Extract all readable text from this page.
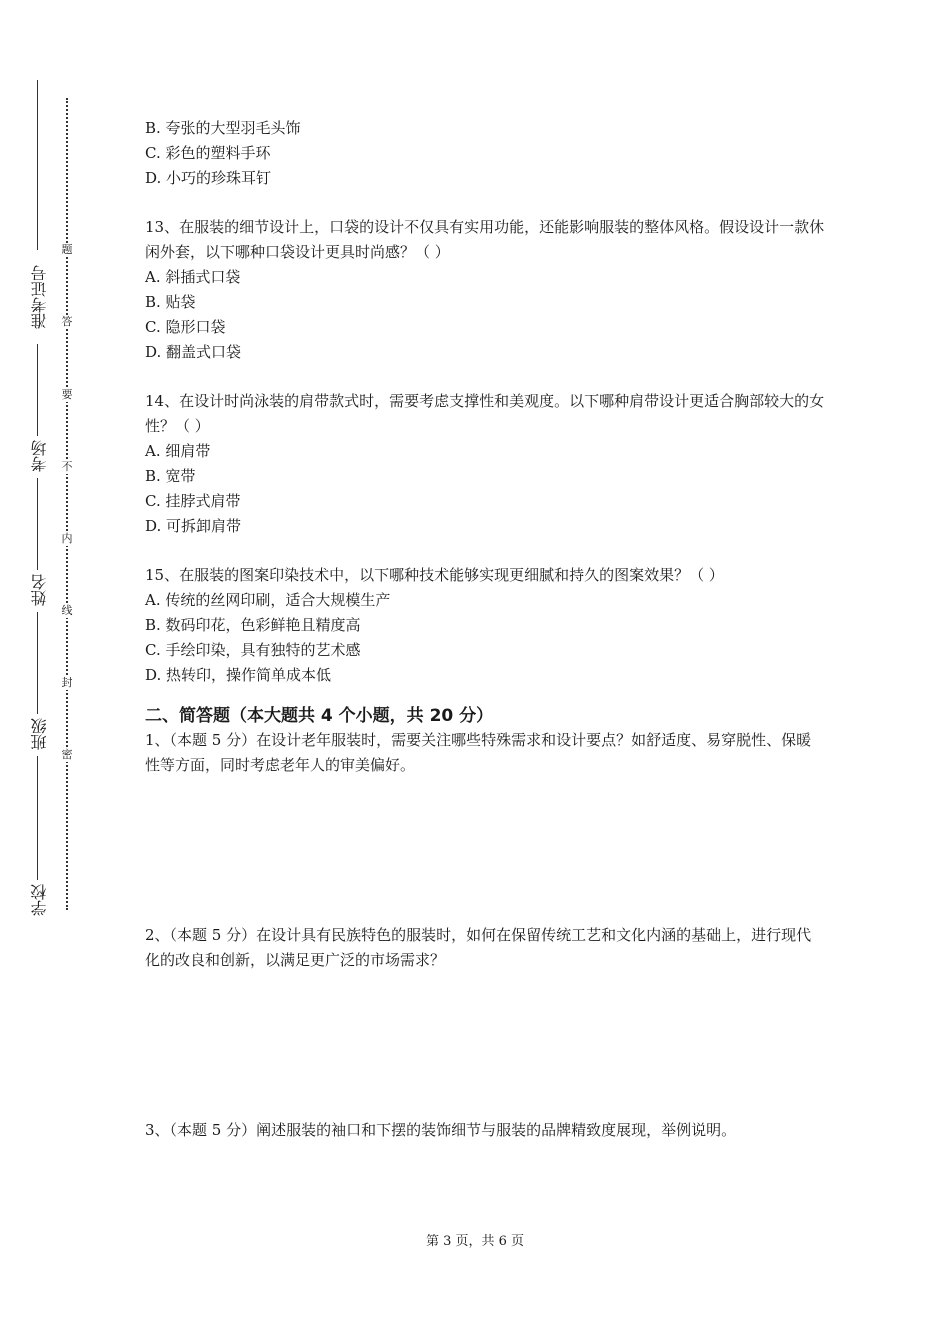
准考证号
考场
姓名
班级
学校
题
答
要
不
内
线
封
密

B. 夸张的大型羽毛头饰

C. 彩色的塑料手环

D. 小巧的珍珠耳钉

13、在服装的细节设计上，口袋的设计不仅具有实用功能，还能影响服装的整体风格。假设设计一款休闲外套，以下哪种口袋设计更具时尚感？（ ）

A. 斜插式口袋

B. 贴袋

C. 隐形口袋

D. 翻盖式口袋

14、在设计时尚泳装的肩带款式时，需要考虑支撑性和美观度。以下哪种肩带设计更适合胸部较大的女性？（ ）

A. 细肩带

B. 宽带

C. 挂脖式肩带

D. 可拆卸肩带

15、在服装的图案印染技术中，以下哪种技术能够实现更细腻和持久的图案效果？（ ）

A. 传统的丝网印刷，适合大规模生产

B. 数码印花，色彩鲜艳且精度高

C. 手绘印染，具有独特的艺术感

D. 热转印，操作简单成本低

二、简答题（本大题共 4 个小题，共 20 分）

1、（本题 5 分）在设计老年服装时，需要关注哪些特殊需求和设计要点？如舒适度、易穿脱性、保暖性等方面，同时考虑老年人的审美偏好。

2、（本题 5 分）在设计具有民族特色的服装时，如何在保留传统工艺和文化内涵的基础上，进行现代化的改良和创新，以满足更广泛的市场需求？

3、（本题 5 分）阐述服装的袖口和下摆的装饰细节与服装的品牌精致度展现，举例说明。

第 3 页，共 6 页
